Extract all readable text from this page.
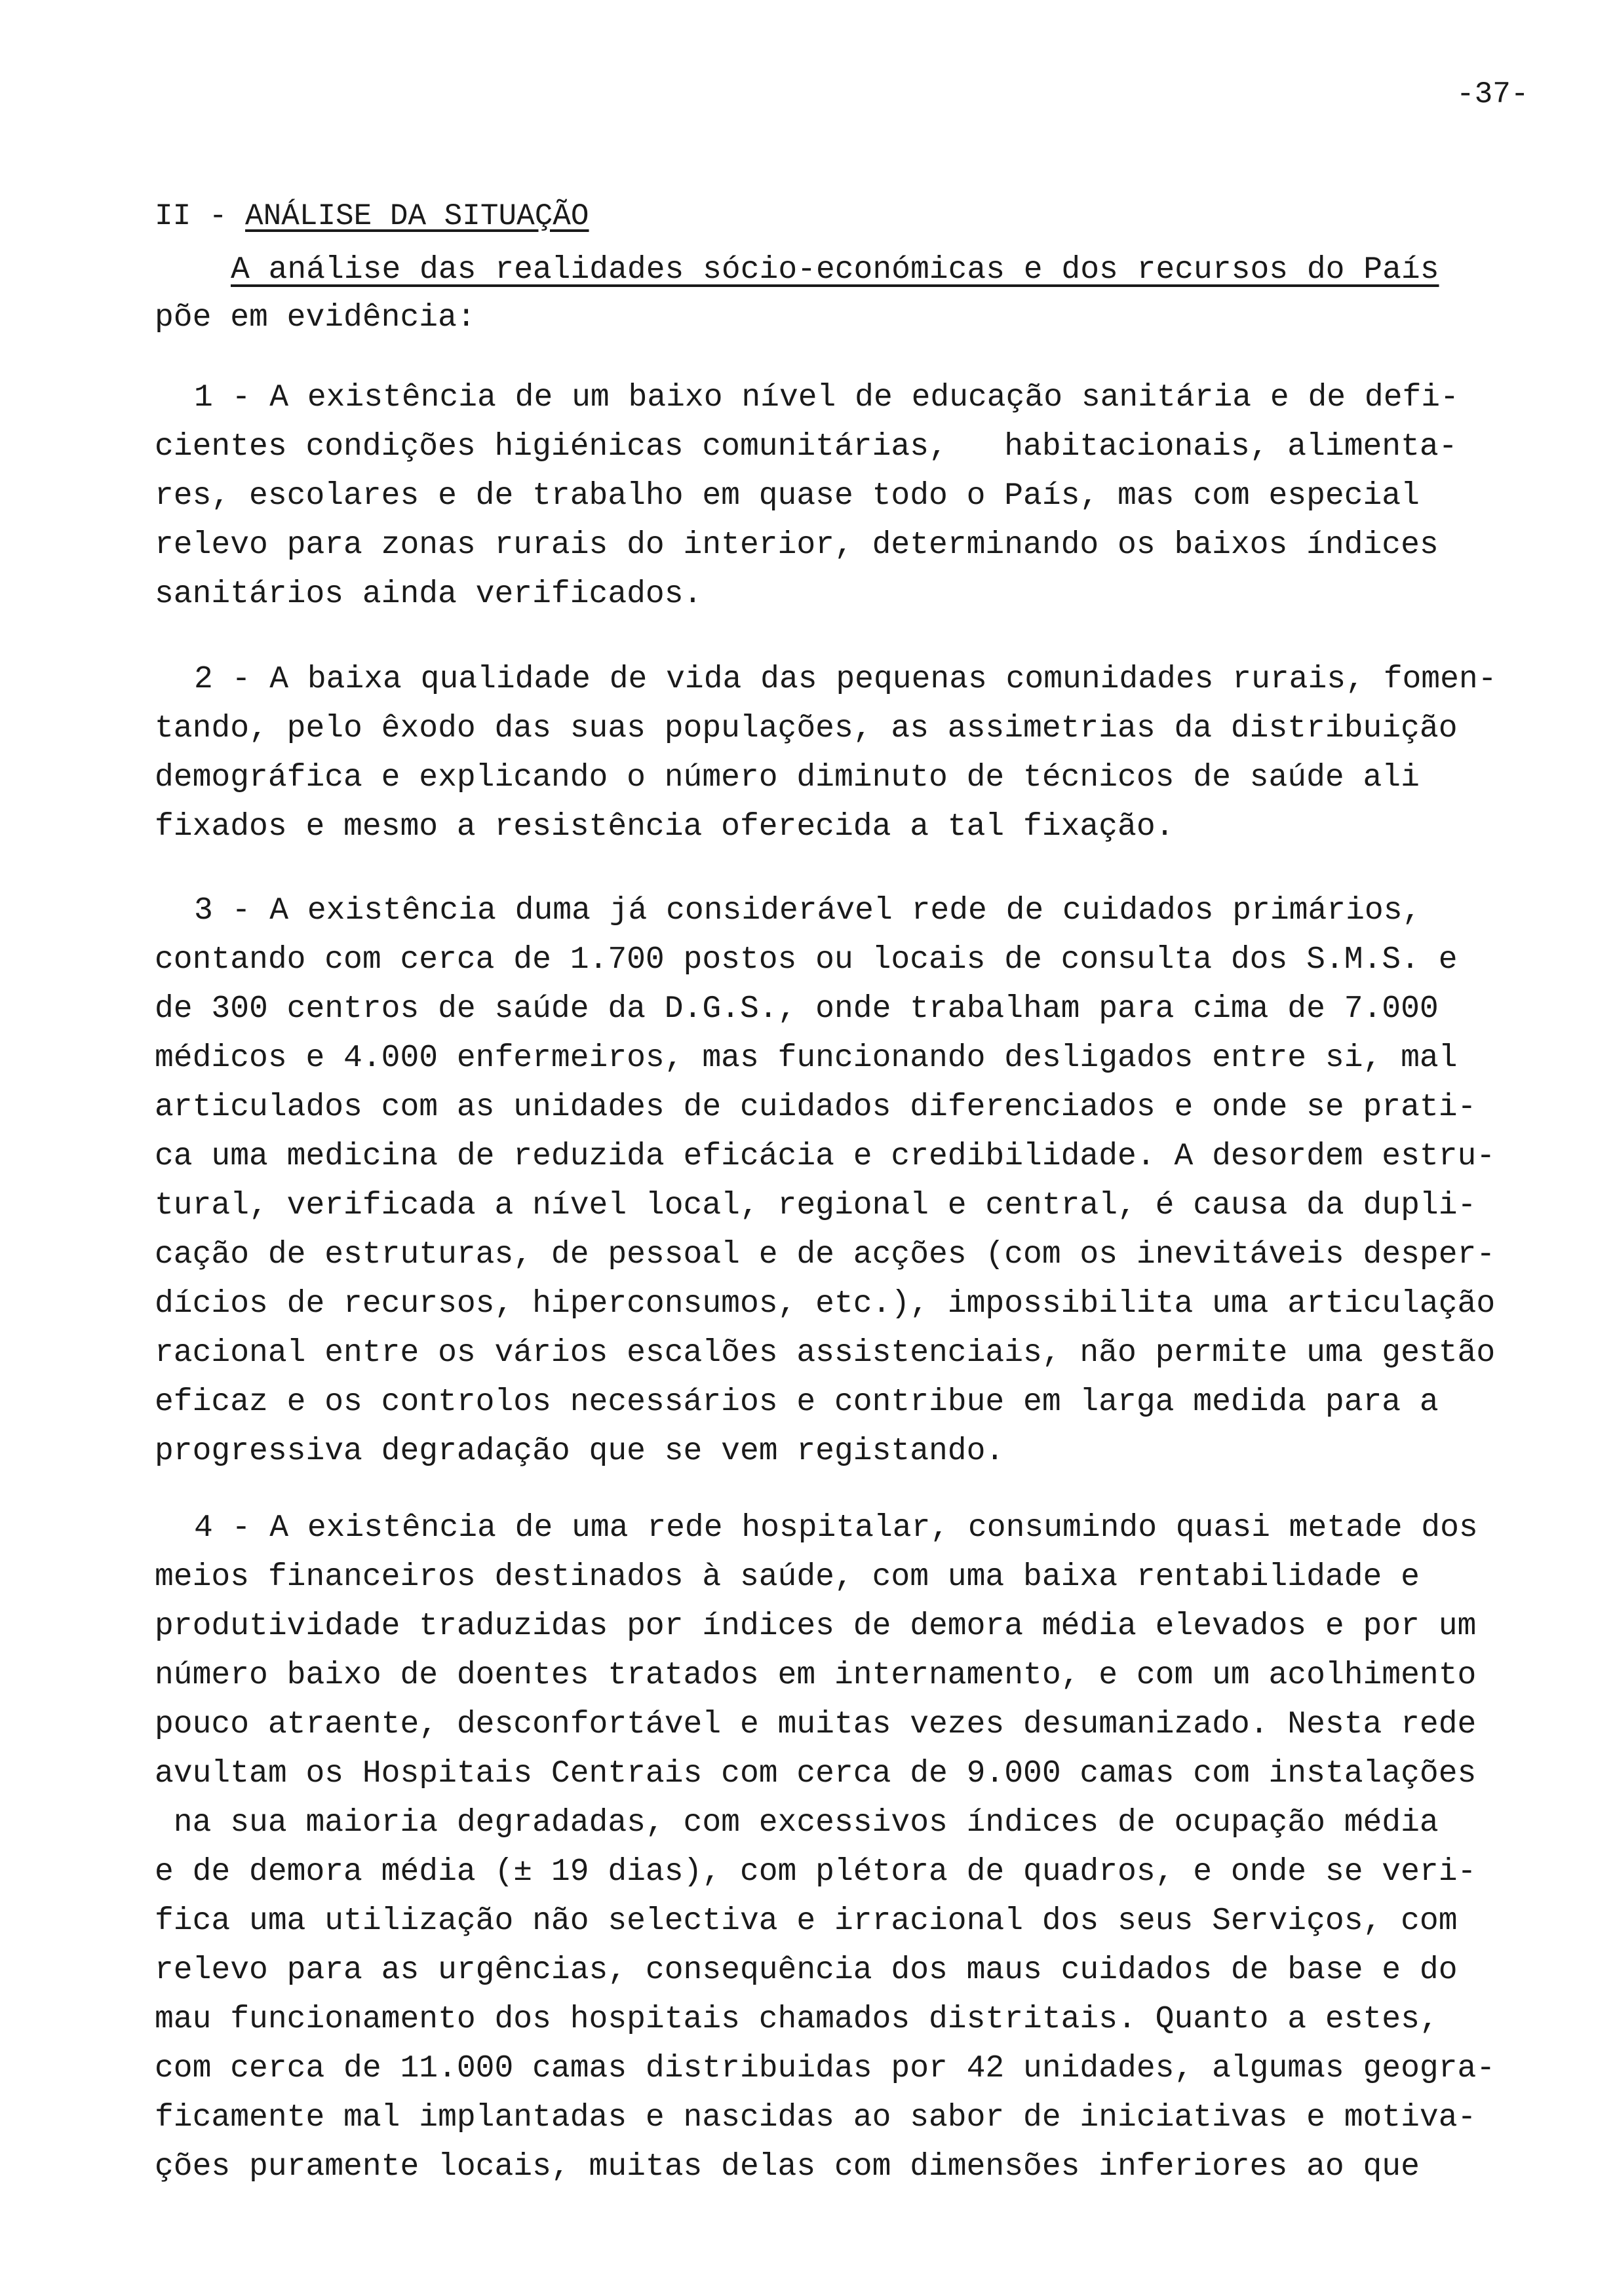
-37-
II - ANÁLISE DA SITUAÇÃO
A análise das realidades sócio-económicas e dos recursos do País
põe em evidência:
1 - A existência de um baixo nível de educação sanitária e de defi-
cientes condições higiénicas comunitárias,   habitacionais, alimenta-
res, escolares e de trabalho em quase todo o País, mas com especial
relevo para zonas rurais do interior, determinando os baixos índices
sanitários ainda verificados.
2 - A baixa qualidade de vida das pequenas comunidades rurais, fomen-
tando, pelo êxodo das suas populações, as assimetrias da distribuição
demográfica e explicando o número diminuto de técnicos de saúde ali
fixados e mesmo a resistência oferecida a tal fixação.
3 - A existência duma já considerável rede de cuidados primários,
contando com cerca de 1.700 postos ou locais de consulta dos S.M.S. e
de 300 centros de saúde da D.G.S., onde trabalham para cima de 7.000
médicos e 4.000 enfermeiros, mas funcionando desligados entre si, mal
articulados com as unidades de cuidados diferenciados e onde se prati-
ca uma medicina de reduzida eficácia e credibilidade. A desordem estru-
tural, verificada a nível local, regional e central, é causa da dupli-
cação de estruturas, de pessoal e de acções (com os inevitáveis desper-
dícios de recursos, hiperconsumos, etc.), impossibilita uma articulação
racional entre os vários escalões assistenciais, não permite uma gestão
eficaz e os controlos necessários e contribue em larga medida para a
progressiva degradação que se vem registando.
4 - A existência de uma rede hospitalar, consumindo quasi metade dos
meios financeiros destinados à saúde, com uma baixa rentabilidade e
produtividade traduzidas por índices de demora média elevados e por um
número baixo de doentes tratados em internamento, e com um acolhimento
pouco atraente, desconfortável e muitas vezes desumanizado. Nesta rede
avultam os Hospitais Centrais com cerca de 9.000 camas com instalações
na sua maioria degradadas, com excessivos índices de ocupação média
e de demora média (± 19 dias), com plétora de quadros, e onde se veri-
fica uma utilização não selectiva e irracional dos seus Serviços, com
relevo para as urgências, consequência dos maus cuidados de base e do
mau funcionamento dos hospitais chamados distritais. Quanto a estes,
com cerca de 11.000 camas distribuidas por 42 unidades, algumas geogra-
ficamente mal implantadas e nascidas ao sabor de iniciativas e motiva-
ções puramente locais, muitas delas com dimensões inferiores ao que
